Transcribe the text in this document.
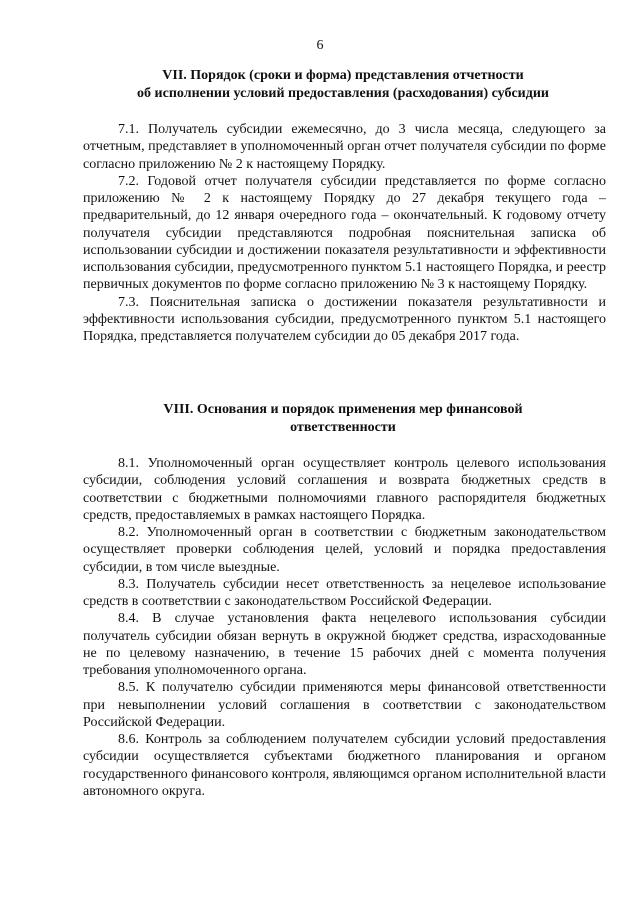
6
VII. Порядок (сроки и форма) представления отчетности
об исполнении условий предоставления (расходования) субсидии

7.1. Получатель субсидии ежемесячно, до 3 числа месяца, следующего за отчетным, представляет в уполномоченный орган отчет получателя субсидии по форме согласно приложению № 2 к настоящему Порядку.

7.2. Годовой отчет получателя субсидии представляется по форме согласно приложению № 2 к настоящему Порядку до 27 декабря текущего года – предварительный, до 12 января очередного года – окончательный. К годовому отчету получателя субсидии представляются подробная пояснительная записка об использовании субсидии и достижении показателя результативности и эффективности использования субсидии, предусмотренного пунктом 5.1 настоящего Порядка, и реестр первичных документов по форме согласно приложению № 3 к настоящему Порядку.

7.3. Пояснительная записка о достижении показателя результативности и эффективности использования субсидии, предусмотренного пунктом 5.1 настоящего Порядка, представляется получателем субсидии до 05 декабря 2017 года.

VIII. Основания и порядок применения мер финансовой
ответственности

8.1. Уполномоченный орган осуществляет контроль целевого использования субсидии, соблюдения условий соглашения и возврата бюджетных средств в соответствии с бюджетными полномочиями главного распорядителя бюджетных средств, предоставляемых в рамках настоящего Порядка.

8.2. Уполномоченный орган в соответствии с бюджетным законодательством осуществляет проверки соблюдения целей, условий и порядка предоставления субсидии, в том числе выездные.

8.3. Получатель субсидии несет ответственность за нецелевое использование средств в соответствии с законодательством Российской Федерации.

8.4. В случае установления факта нецелевого использования субсидии получатель субсидии обязан вернуть в окружной бюджет средства, израсходованные не по целевому назначению, в течение 15 рабочих дней с момента получения требования уполномоченного органа.

8.5. К получателю субсидии применяются меры финансовой ответственности при невыполнении условий соглашения в соответствии с законодательством Российской Федерации.

8.6. Контроль за соблюдением получателем субсидии условий предоставления субсидии осуществляется субъектами бюджетного планирования и органом государственного финансового контроля, являющимся органом исполнительной власти автономного округа.
